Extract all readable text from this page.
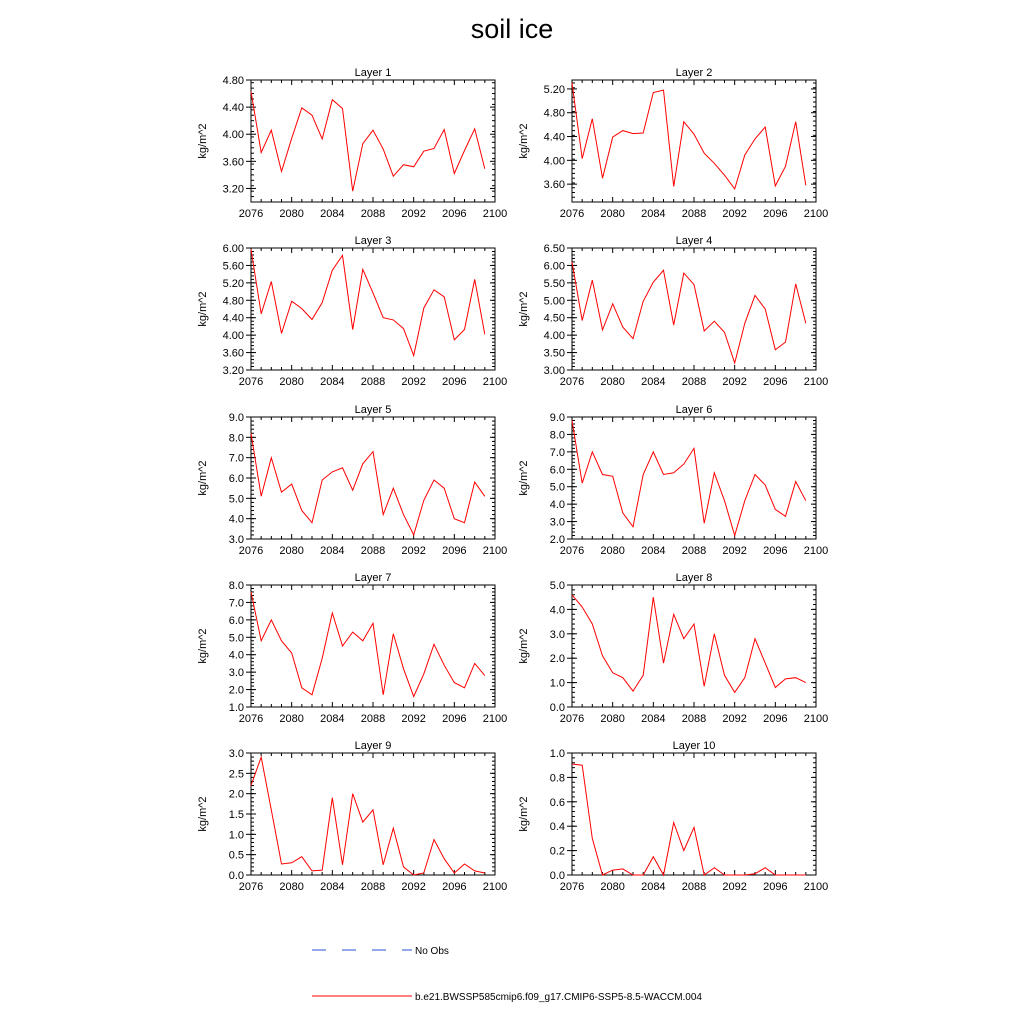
soil ice
Layer 1
kg/m^2
2076 2080 2084 2088 2092 2096 2100
3.20
3.60
4.00
4.40
4.80
Layer 2
kg/m^2
2076 2080 2084 2088 2092 2096 2100
3.60
4.00
4.40
4.80
5.20
Layer 3
kg/m^2
2076 2080 2084 2088 2092 2096 2100
3.20
3.60
4.00
4.40
4.80
5.20
5.60
6.00
Layer 4
kg/m^2
2076 2080 2084 2088 2092 2096 2100
3.00
3.50
4.00
4.50
5.00
5.50
6.00
6.50
Layer 5
kg/m^2
2076 2080 2084 2088 2092 2096 2100
3.0
4.0
5.0
6.0
7.0
8.0
9.0
Layer 6
kg/m^2
2076 2080 2084 2088 2092 2096 2100
2.0
3.0
4.0
5.0
6.0
7.0
8.0
9.0
Layer 7
kg/m^2
2076 2080 2084 2088 2092 2096 2100
1.0
2.0
3.0
4.0
5.0
6.0
7.0
8.0
Layer 8
kg/m^2
2076 2080 2084 2088 2092 2096 2100
0.0
1.0
2.0
3.0
4.0
5.0
Layer 9
kg/m^2
2076 2080 2084 2088 2092 2096 2100
0.0
0.5
1.0
1.5
2.0
2.5
3.0
Layer 10
kg/m^2
2076 2080 2084 2088 2092 2096 2100
0.0
0.2
0.4
0.6
0.8
1.0
No Obs
b.e21.BWSSP585cmip6.f09_g17.CMIP6-SSP5-8.5-WACCM.004
